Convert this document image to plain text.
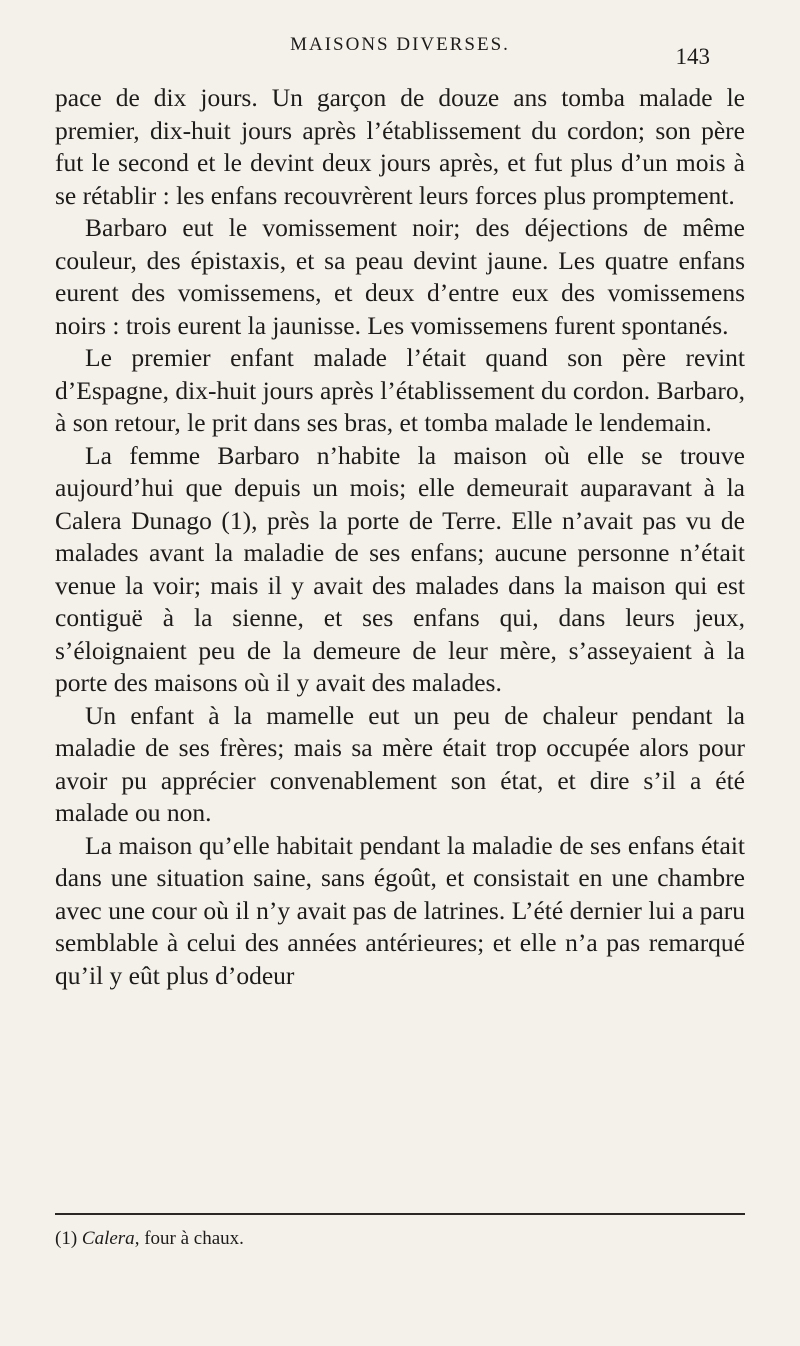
MAISONS DIVERSES.	143

pace de dix jours. Un garçon de douze ans tomba malade le premier, dix-huit jours après l’établissement du cordon; son père fut le second et le devint deux jours après, et fut plus d’un mois à se rétablir : les enfans recouvrèrent leurs forces plus promptement.

Barbaro eut le vomissement noir; des déjections de même couleur, des épistaxis, et sa peau devint jaune. Les quatre enfans eurent des vomissemens, et deux d’entre eux des vomissemens noirs : trois eurent la jaunisse. Les vomissemens furent spontanés.

Le premier enfant malade l’était quand son père revint d’Espagne, dix-huit jours après l’établissement du cordon. Barbaro, à son retour, le prit dans ses bras, et tomba malade le lendemain.

La femme Barbaro n’habite la maison où elle se trouve aujourd’hui que depuis un mois; elle demeurait auparavant à la Calera Dunago (1), près la porte de Terre. Elle n’avait pas vu de malades avant la maladie de ses enfans; aucune personne n’était venue la voir; mais il y avait des malades dans la maison qui est contiguë à la sienne, et ses enfans qui, dans leurs jeux, s’éloignaient peu de la demeure de leur mère, s’asseyaient à la porte des maisons où il y avait des malades.

Un enfant à la mamelle eut un peu de chaleur pendant la maladie de ses frères; mais sa mère était trop occupée alors pour avoir pu apprécier convenablement son état, et dire s’il a été malade ou non.

La maison qu’elle habitait pendant la maladie de ses enfans était dans une situation saine, sans égoût, et consistait en une chambre avec une cour où il n’y avait pas de latrines. L’été dernier lui a paru semblable à celui des années antérieures; et elle n’a pas remarqué qu’il y eût plus d’odeur

(1) Calera, four à chaux.
